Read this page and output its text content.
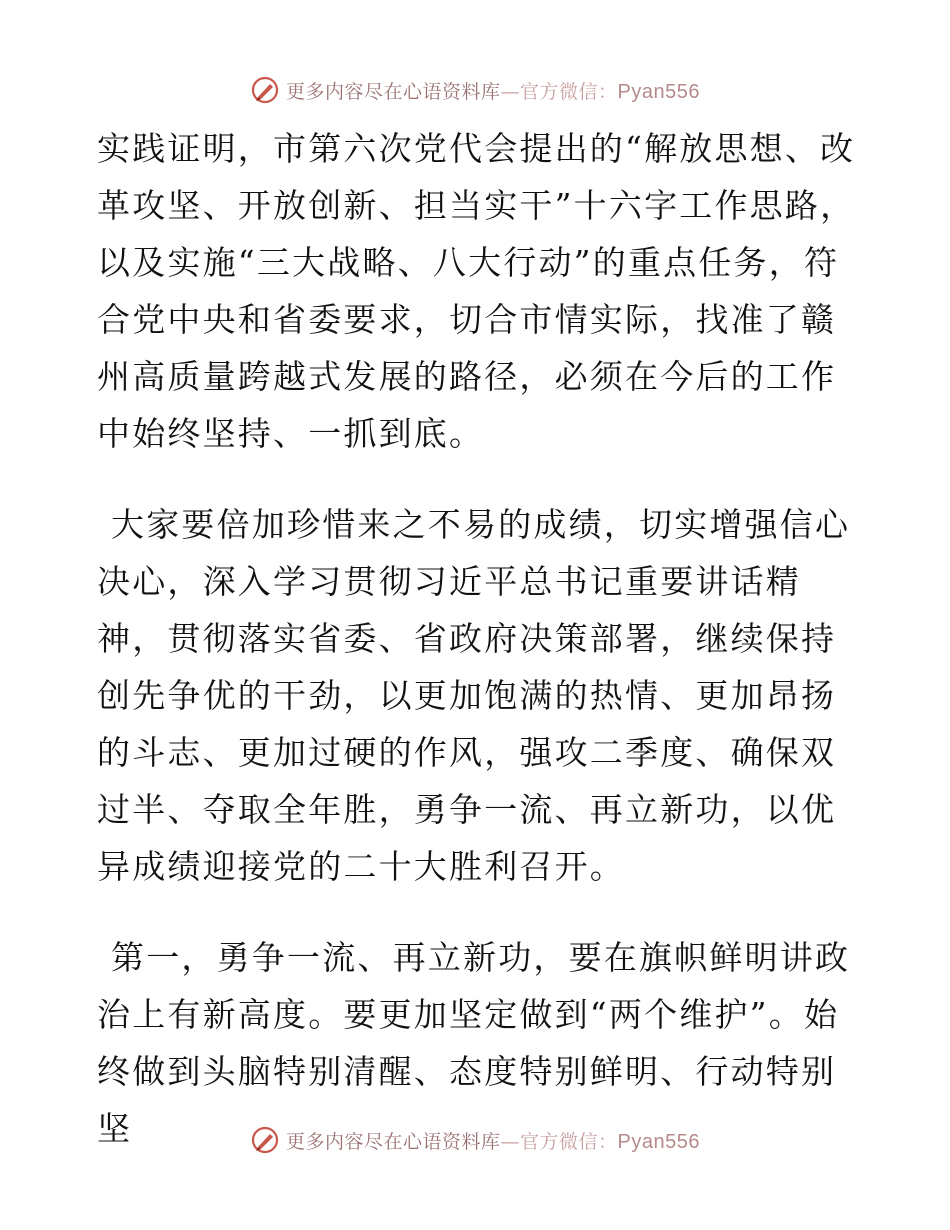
更多内容尽在心语资料库—官方微信：Pyan556

实践证明，市第六次党代会提出的“解放思想、改革攻坚、开放创新、担当实干”十六字工作思路，以及实施“三大战略、八大行动”的重点任务，符合党中央和省委要求，切合市情实际，找准了赣州高质量跨越式发展的路径，必须在今后的工作中始终坚持、一抓到底。

大家要倍加珍惜来之不易的成绩，切实增强信心决心，深入学习贯彻习近平总书记重要讲话精神，贯彻落实省委、省政府决策部署，继续保持创先争优的干劲，以更加饱满的热情、更加昂扬的斗志、更加过硬的作风，强攻二季度、确保双过半、夺取全年胜，勇争一流、再立新功，以优异成绩迎接党的二十大胜利召开。

第一，勇争一流、再立新功，要在旗帜鲜明讲政治上有新高度。要更加坚定做到“两个维护”。始终做到头脑特别清醒、态度特别鲜明、行动特别坚	更多内容尽在心语资料库—官方微信：Pyan556
